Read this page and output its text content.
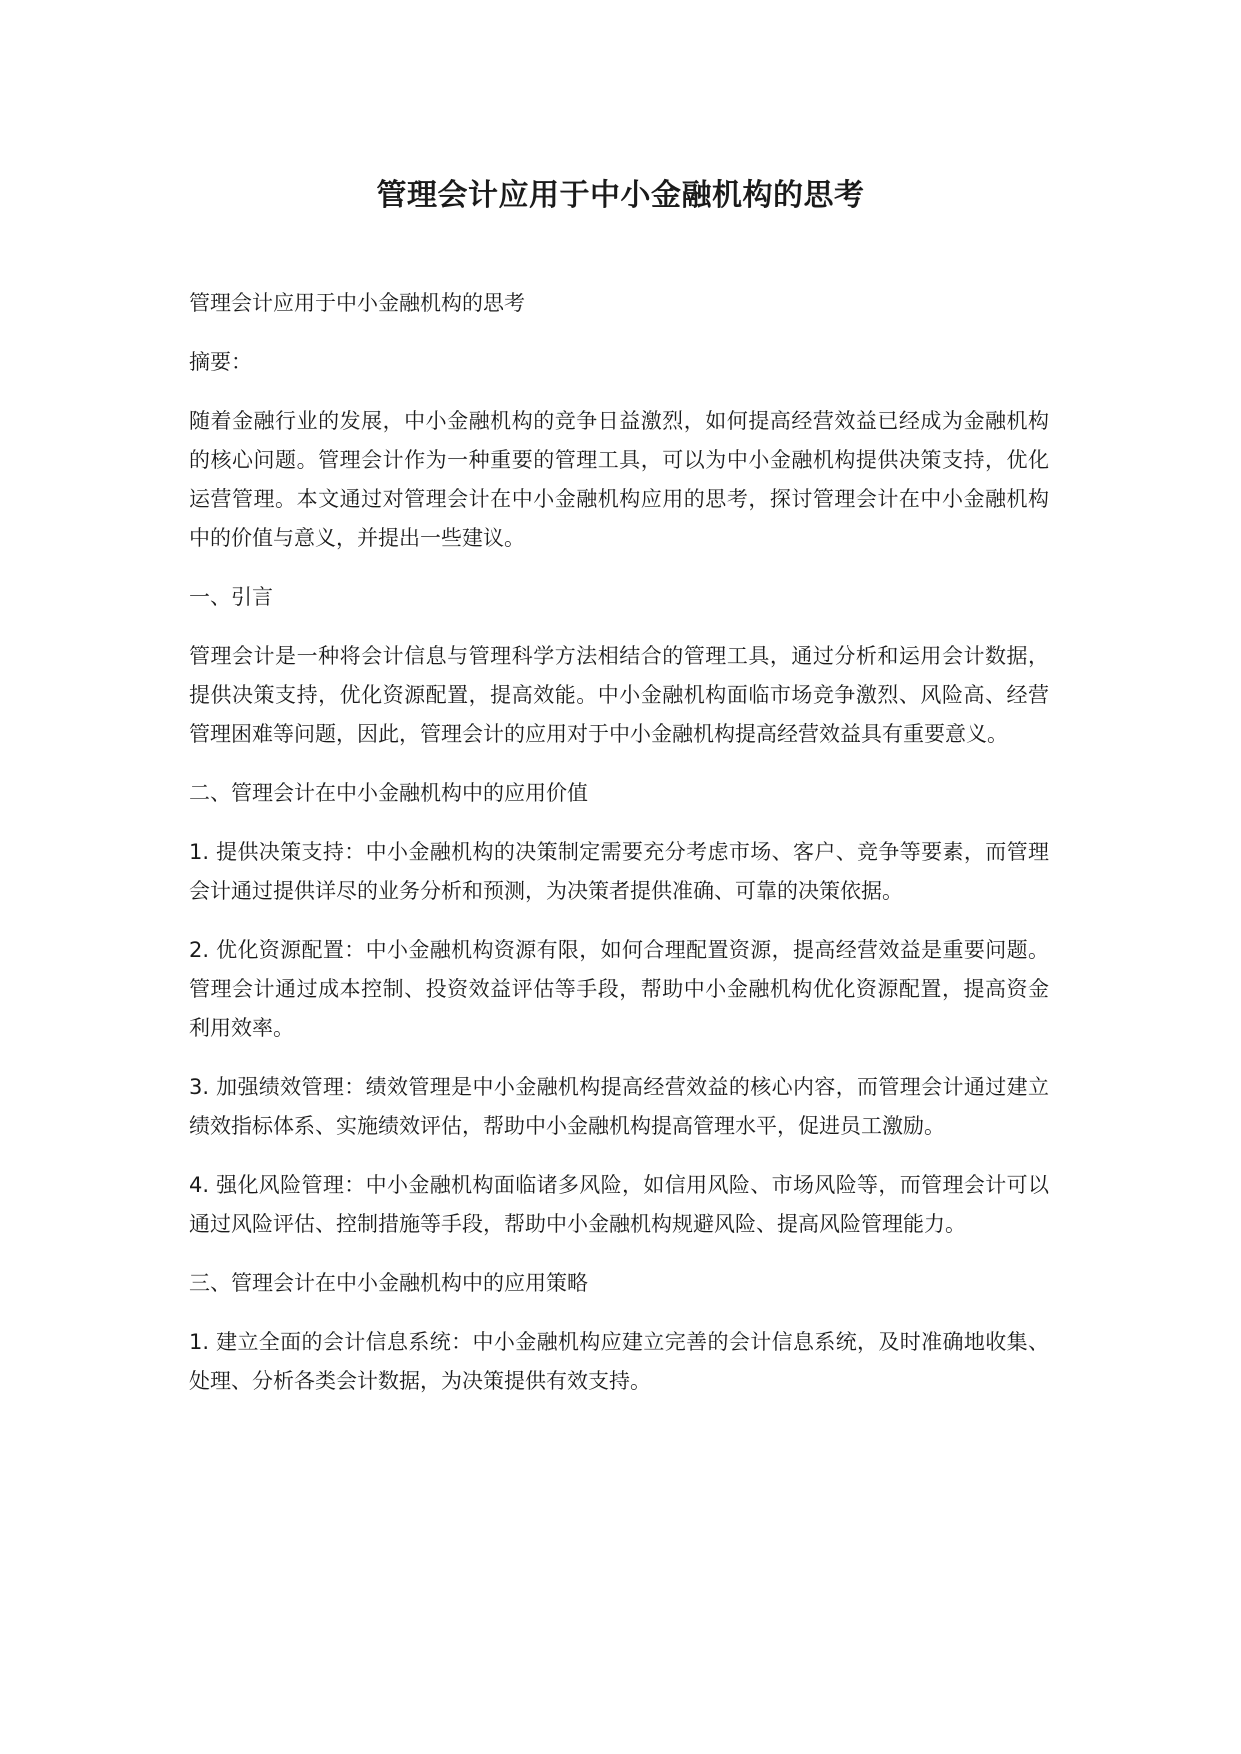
管理会计应用于中小金融机构的思考

管理会计应用于中小金融机构的思考

摘要：

随着金融行业的发展，中小金融机构的竞争日益激烈，如何提高经营效益已经成为金融机构的核心问题。管理会计作为一种重要的管理工具，可以为中小金融机构提供决策支持，优化运营管理。本文通过对管理会计在中小金融机构应用的思考，探讨管理会计在中小金融机构中的价值与意义，并提出一些建议。

一、引言

管理会计是一种将会计信息与管理科学方法相结合的管理工具，通过分析和运用会计数据，提供决策支持，优化资源配置，提高效能。中小金融机构面临市场竞争激烈、风险高、经营管理困难等问题，因此，管理会计的应用对于中小金融机构提高经营效益具有重要意义。

二、管理会计在中小金融机构中的应用价值

1. 提供决策支持：中小金融机构的决策制定需要充分考虑市场、客户、竞争等要素，而管理会计通过提供详尽的业务分析和预测，为决策者提供准确、可靠的决策依据。

2. 优化资源配置：中小金融机构资源有限，如何合理配置资源，提高经营效益是重要问题。管理会计通过成本控制、投资效益评估等手段，帮助中小金融机构优化资源配置，提高资金利用效率。

3. 加强绩效管理：绩效管理是中小金融机构提高经营效益的核心内容，而管理会计通过建立绩效指标体系、实施绩效评估，帮助中小金融机构提高管理水平，促进员工激励。

4. 强化风险管理：中小金融机构面临诸多风险，如信用风险、市场风险等，而管理会计可以通过风险评估、控制措施等手段，帮助中小金融机构规避风险、提高风险管理能力。

三、管理会计在中小金融机构中的应用策略

1. 建立全面的会计信息系统：中小金融机构应建立完善的会计信息系统，及时准确地收集、处理、分析各类会计数据，为决策提供有效支持。
